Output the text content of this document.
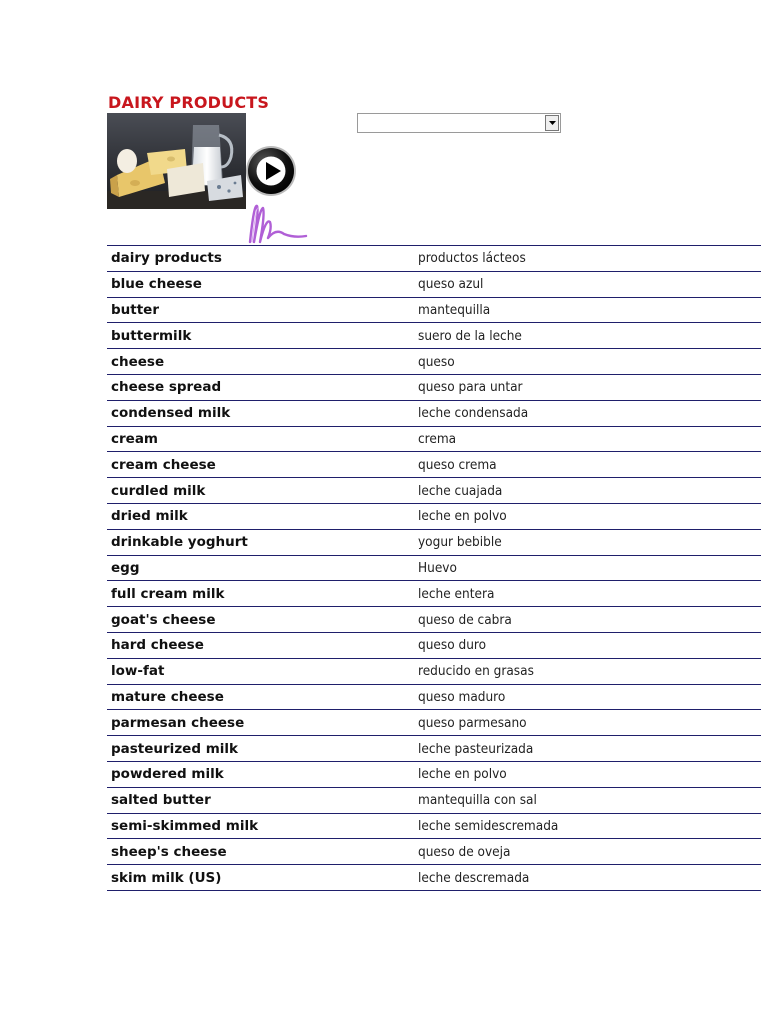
DAIRY PRODUCTS
dairy products	productos lácteos
blue cheese	queso azul
butter	mantequilla
buttermilk	suero de la leche
cheese	queso
cheese spread	queso para untar
condensed milk	leche condensada
cream	crema
cream cheese	queso crema
curdled milk	leche cuajada
dried milk	leche en polvo
drinkable yoghurt	yogur bebible
egg	Huevo
full cream milk	leche entera
goat's cheese	queso de cabra
hard cheese	queso duro
low-fat	reducido en grasas
mature cheese	queso maduro
parmesan cheese	queso parmesano
pasteurized milk	leche pasteurizada
powdered milk	leche en polvo
salted butter	mantequilla con sal
semi-skimmed milk	leche semidescremada
sheep's cheese	queso de oveja
skim milk (US)	leche descremada
